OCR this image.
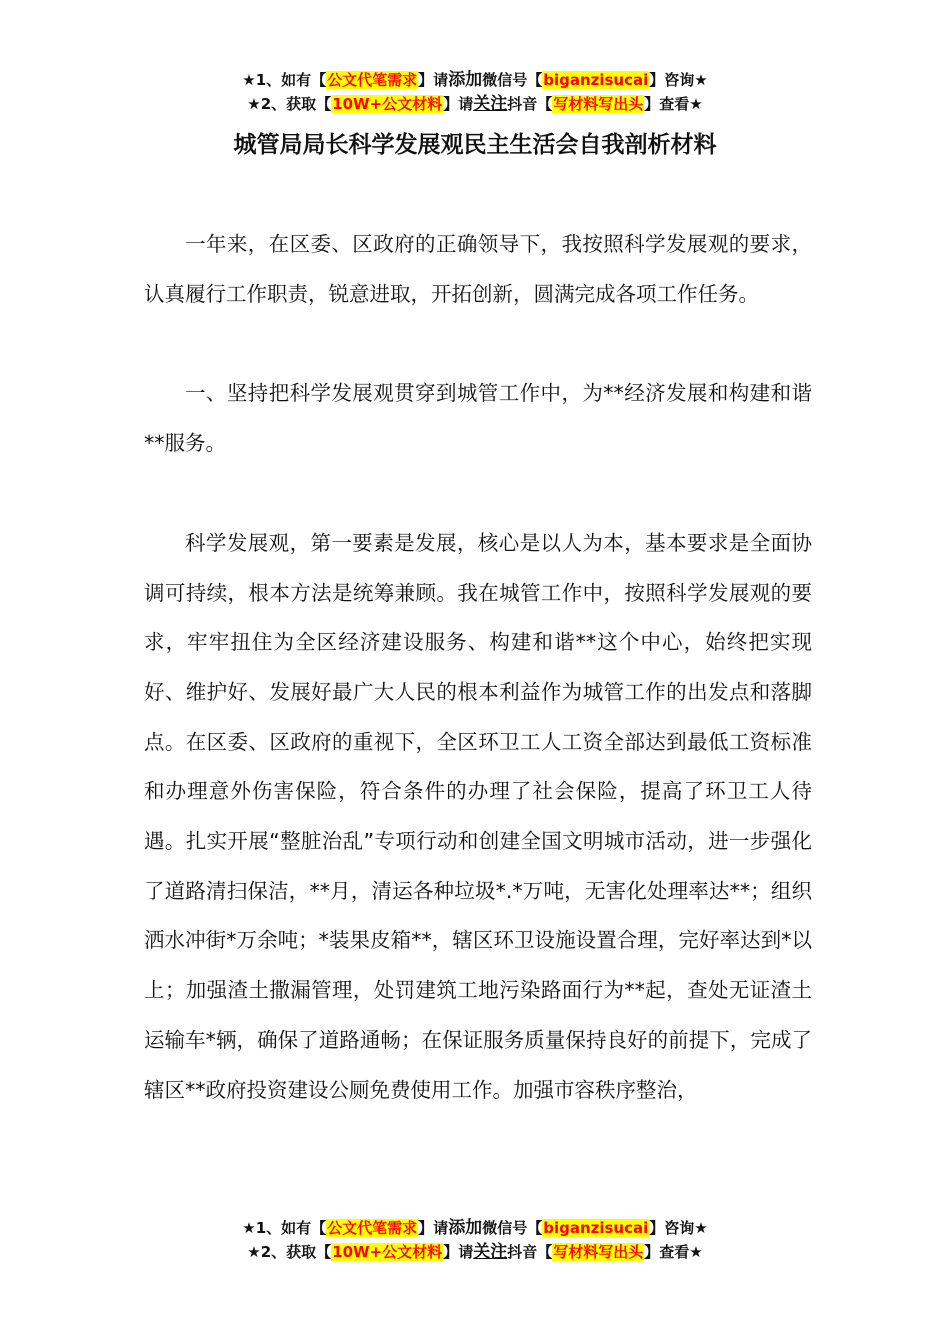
★1、如有【公文代笔需求】请添加微信号【biganzisucai】咨询★
★2、获取【10W+公文材料】请关注抖音【写材料写出头】查看★
城管局局长科学发展观民主生活会自我剖析材料

一年来，在区委、区政府的正确领导下，我按照科学发展观的要求，认真履行工作职责，锐意进取，开拓创新，圆满完成各项工作任务。

一、坚持把科学发展观贯穿到城管工作中，为**经济发展和构建和谐**服务。

科学发展观，第一要素是发展，核心是以人为本，基本要求是全面协调可持续，根本方法是统筹兼顾。我在城管工作中，按照科学发展观的要求，牢牢扭住为全区经济建设服务、构建和谐**这个中心，始终把实现好、维护好、发展好最广大人民的根本利益作为城管工作的出发点和落脚点。在区委、区政府的重视下，全区环卫工人工资全部达到最低工资标准和办理意外伤害保险，符合条件的办理了社会保险，提高了环卫工人待遇。扎实开展“整脏治乱”专项行动和创建全国文明城市活动，进一步强化了道路清扫保洁，**月，清运各种垃圾*.*万吨，无害化处理率达**；组织洒水冲街*万余吨；*装果皮箱**，辖区环卫设施设置合理，完好率达到*以上；加强渣土撒漏管理，处罚建筑工地污染路面行为**起，查处无证渣土运输车*辆，确保了道路通畅；在保证服务质量保持良好的前提下，完成了辖区**政府投资建设公厕免费使用工作。加强市容秩序整治，

★1、如有【公文代笔需求】请添加微信号【biganzisucai】咨询★
★2、获取【10W+公文材料】请关注抖音【写材料写出头】查看★
